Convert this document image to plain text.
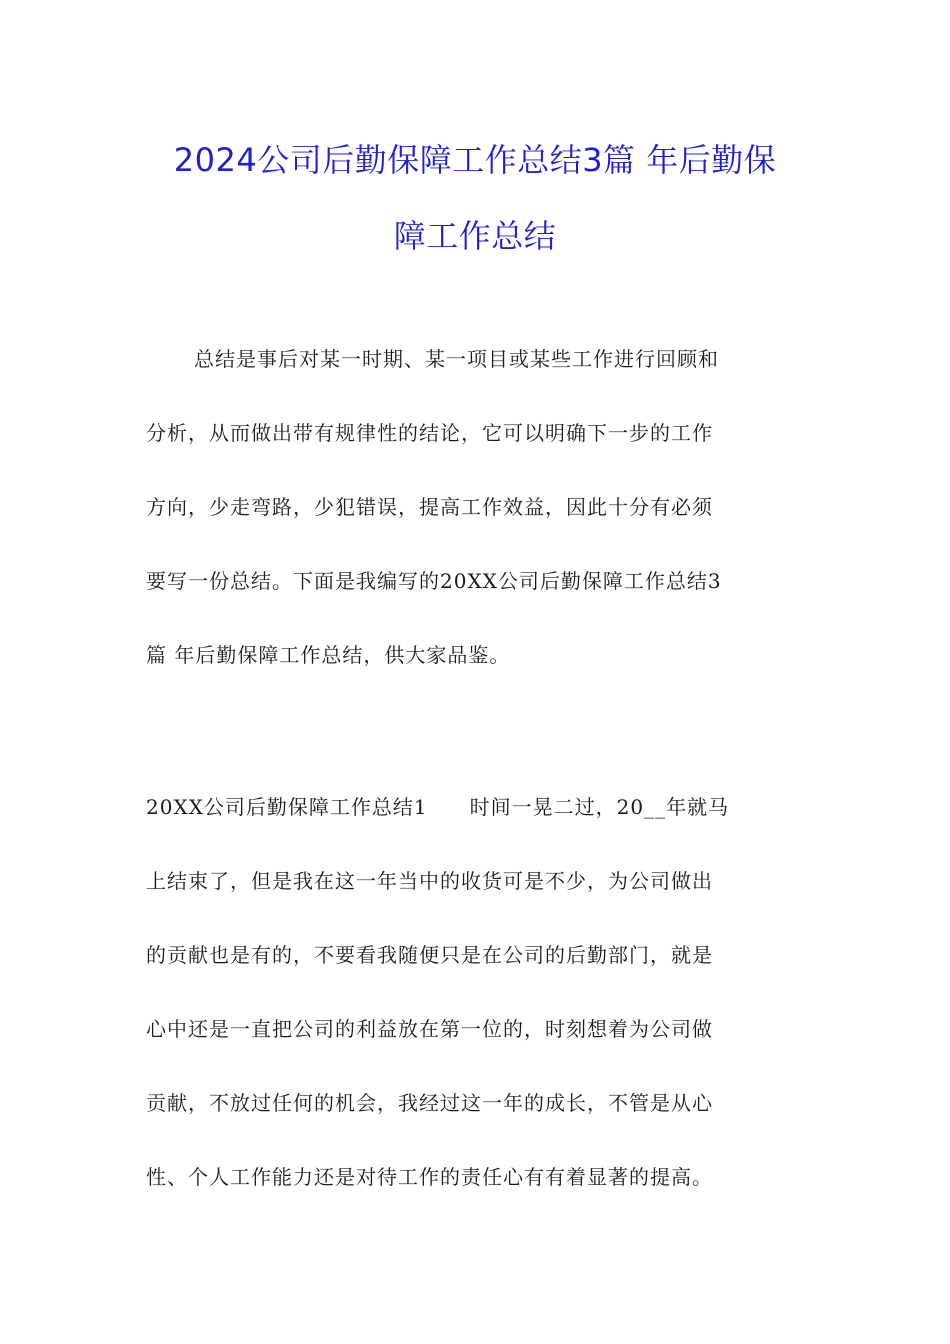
2024公司后勤保障工作总结3篇 年后勤保
障工作总结
总结是事后对某一时期、某一项目或某些工作进行回顾和
分析，从而做出带有规律性的结论，它可以明确下一步的工作
方向，少走弯路，少犯错误，提高工作效益，因此十分有必须
要写一份总结。下面是我编写的20XX公司后勤保障工作总结3
篇 年后勤保障工作总结，供大家品鉴。
20XX公司后勤保障工作总结1　　时间一晃二过，20__年就马
上结束了，但是我在这一年当中的收货可是不少，为公司做出
的贡献也是有的，不要看我随便只是在公司的后勤部门，就是
心中还是一直把公司的利益放在第一位的，时刻想着为公司做
贡献，不放过任何的机会，我经过这一年的成长，不管是从心
性、个人工作能力还是对待工作的责任心有有着显著的提高。
